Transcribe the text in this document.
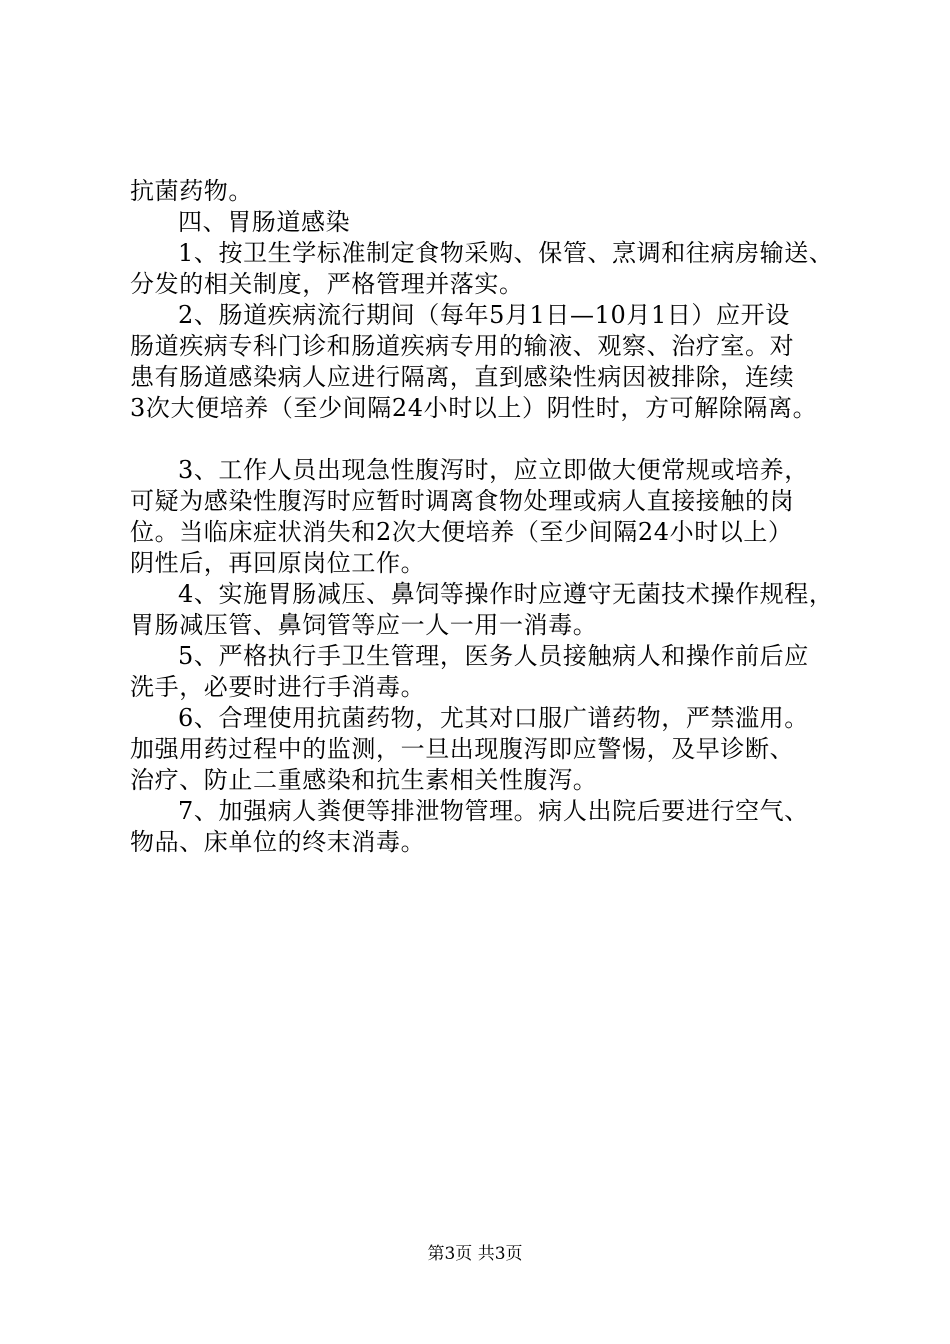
抗菌药物。
四、胃肠道感染
1、按卫生学标准制定食物采购、保管、烹调和往病房输送、
分发的相关制度，严格管理并落实。
2、肠道疾病流行期间（每年5月1日—10月1日）应开设
肠道疾病专科门诊和肠道疾病专用的输液、观察、治疗室。对
患有肠道感染病人应进行隔离，直到感染性病因被排除，连续
3次大便培养（至少间隔24小时以上）阴性时，方可解除隔离。
3、工作人员出现急性腹泻时，应立即做大便常规或培养，
可疑为感染性腹泻时应暂时调离食物处理或病人直接接触的岗
位。当临床症状消失和2次大便培养（至少间隔24小时以上）
阴性后，再回原岗位工作。
4、实施胃肠减压、鼻饲等操作时应遵守无菌技术操作规程，
胃肠减压管、鼻饲管等应一人一用一消毒。
5、严格执行手卫生管理，医务人员接触病人和操作前后应
洗手，必要时进行手消毒。
6、合理使用抗菌药物，尤其对口服广谱药物，严禁滥用。
加强用药过程中的监测，一旦出现腹泻即应警惕，及早诊断、
治疗、防止二重感染和抗生素相关性腹泻。
7、加强病人粪便等排泄物管理。病人出院后要进行空气、
物品、床单位的终末消毒。
第3页 共3页
